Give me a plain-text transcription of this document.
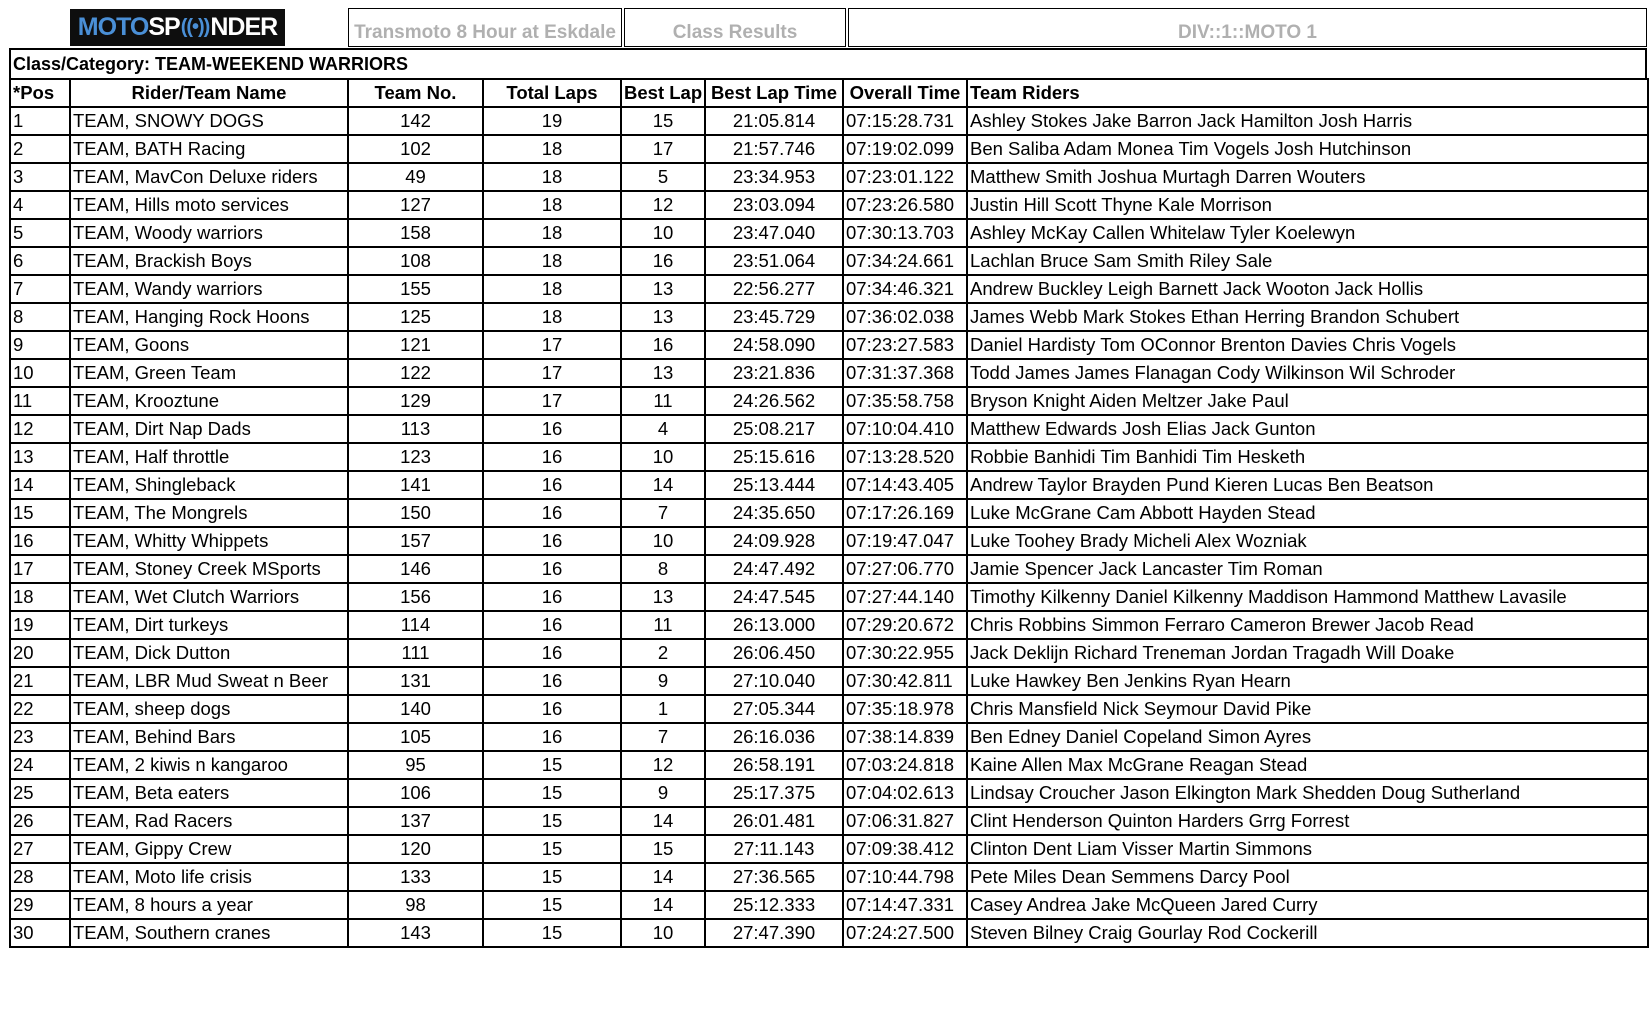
MOTO SP ((•)) NDER	Transmoto 8 Hour at Eskdale	Class Results	DIV::1::MOTO 1
Class/Category: TEAM-WEEKEND WARRIORS
*Pos	Rider/Team Name	Team No.	Total Laps	Best Lap	Best Lap Time	Overall Time	Team Riders
1	TEAM, SNOWY DOGS	142	19	15	21:05.814	07:15:28.731	Ashley Stokes Jake Barron Jack Hamilton Josh Harris
2	TEAM, BATH Racing	102	18	17	21:57.746	07:19:02.099	Ben Saliba Adam Monea Tim Vogels Josh Hutchinson
3	TEAM, MavCon Deluxe riders	49	18	5	23:34.953	07:23:01.122	Matthew Smith Joshua Murtagh Darren Wouters
4	TEAM, Hills moto services	127	18	12	23:03.094	07:23:26.580	Justin Hill Scott Thyne Kale Morrison
5	TEAM, Woody warriors	158	18	10	23:47.040	07:30:13.703	Ashley McKay Callen Whitelaw Tyler Koelewyn
6	TEAM, Brackish Boys	108	18	16	23:51.064	07:34:24.661	Lachlan Bruce Sam Smith Riley Sale
7	TEAM, Wandy warriors	155	18	13	22:56.277	07:34:46.321	Andrew Buckley Leigh Barnett Jack Wooton Jack Hollis
8	TEAM, Hanging Rock Hoons	125	18	13	23:45.729	07:36:02.038	James Webb Mark Stokes Ethan Herring Brandon Schubert
9	TEAM, Goons	121	17	16	24:58.090	07:23:27.583	Daniel Hardisty Tom OConnor Brenton Davies Chris Vogels
10	TEAM, Green Team	122	17	13	23:21.836	07:31:37.368	Todd James James Flanagan Cody Wilkinson Wil Schroder
11	TEAM, Krooztune	129	17	11	24:26.562	07:35:58.758	Bryson Knight Aiden Meltzer Jake Paul
12	TEAM, Dirt Nap Dads	113	16	4	25:08.217	07:10:04.410	Matthew Edwards Josh Elias Jack Gunton
13	TEAM, Half throttle	123	16	10	25:15.616	07:13:28.520	Robbie Banhidi Tim Banhidi Tim Hesketh
14	TEAM, Shingleback	141	16	14	25:13.444	07:14:43.405	Andrew Taylor Brayden Pund Kieren Lucas Ben Beatson
15	TEAM, The Mongrels	150	16	7	24:35.650	07:17:26.169	Luke McGrane Cam Abbott Hayden Stead
16	TEAM, Whitty Whippets	157	16	10	24:09.928	07:19:47.047	Luke Toohey Brady Micheli Alex Wozniak
17	TEAM, Stoney Creek MSports	146	16	8	24:47.492	07:27:06.770	Jamie Spencer Jack Lancaster Tim Roman
18	TEAM, Wet Clutch Warriors	156	16	13	24:47.545	07:27:44.140	Timothy Kilkenny Daniel Kilkenny Maddison Hammond Matthew Lavasile
19	TEAM, Dirt turkeys	114	16	11	26:13.000	07:29:20.672	Chris Robbins Simmon Ferraro Cameron Brewer Jacob Read
20	TEAM, Dick Dutton	111	16	2	26:06.450	07:30:22.955	Jack Deklijn Richard Treneman Jordan Tragadh Will Doake
21	TEAM, LBR Mud Sweat n Beer	131	16	9	27:10.040	07:30:42.811	Luke Hawkey Ben Jenkins Ryan Hearn
22	TEAM, sheep dogs	140	16	1	27:05.344	07:35:18.978	Chris Mansfield Nick Seymour David Pike
23	TEAM, Behind Bars	105	16	7	26:16.036	07:38:14.839	Ben Edney Daniel Copeland Simon Ayres
24	TEAM, 2 kiwis n kangaroo	95	15	12	26:58.191	07:03:24.818	Kaine Allen Max McGrane Reagan Stead
25	TEAM, Beta eaters	106	15	9	25:17.375	07:04:02.613	Lindsay Croucher Jason Elkington Mark Shedden Doug Sutherland
26	TEAM, Rad Racers	137	15	14	26:01.481	07:06:31.827	Clint Henderson Quinton Harders Grrg Forrest
27	TEAM, Gippy Crew	120	15	15	27:11.143	07:09:38.412	Clinton Dent Liam Visser Martin Simmons
28	TEAM, Moto life crisis	133	15	14	27:36.565	07:10:44.798	Pete Miles Dean Semmens Darcy Pool
29	TEAM, 8 hours a year	98	15	14	25:12.333	07:14:47.331	Casey Andrea Jake McQueen Jared Curry
30	TEAM, Southern cranes	143	15	10	27:47.390	07:24:27.500	Steven Bilney Craig Gourlay Rod Cockerill
